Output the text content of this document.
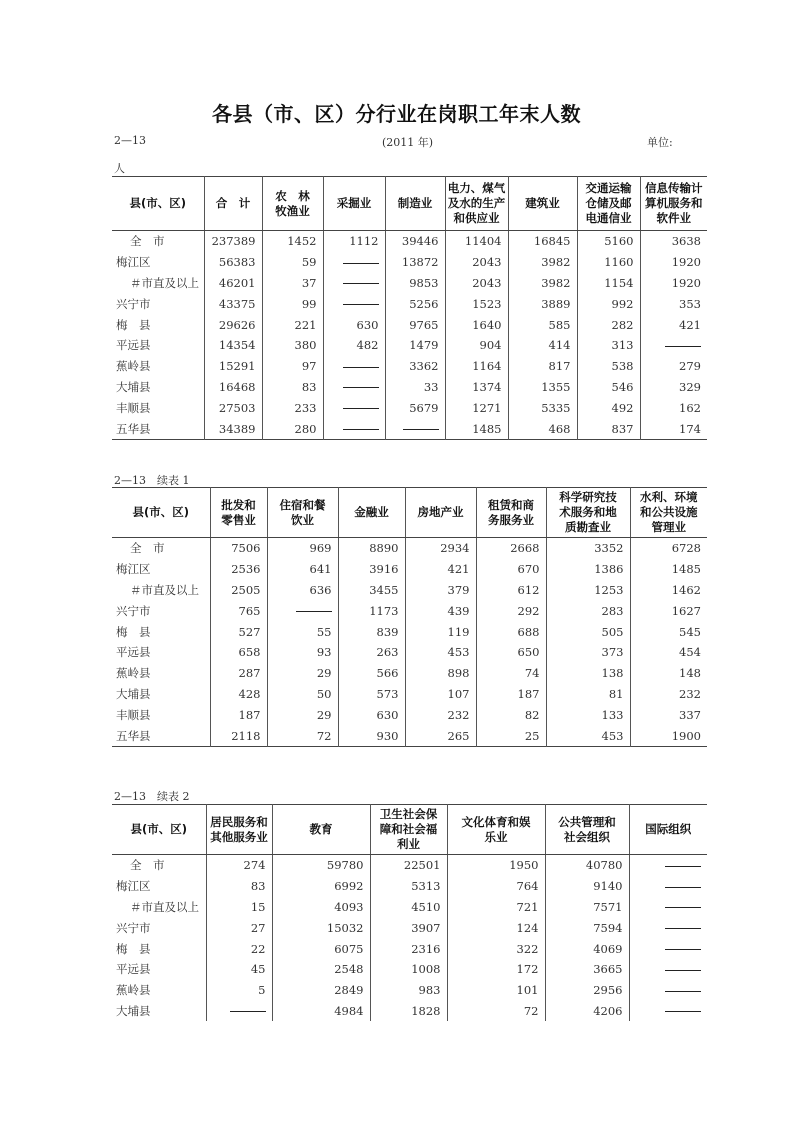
各县（市、区）分行业在岗职工年末人数
2—13	(2011 年)	单位:
人
县(市、区)	合　计	农　林
牧渔业	采掘业	制造业	电力、煤气
及水的生产
和供应业	建筑业	交通运输
仓储及邮
电通信业	信息传输计
算机服务和
软件业
全　市	237389	1452	1112	39446	11404	16845	5160	3638
梅江区	56383	59		13872	2043	3982	1160	1920
＃市直及以上	46201	37		9853	2043	3982	1154	1920
兴宁市	43375	99		5256	1523	3889	992	353
梅　县	29626	221	630	9765	1640	585	282	421
平远县	14354	380	482	1479	904	414	313	
蕉岭县	15291	97		3362	1164	817	538	279
大埔县	16468	83		33	1374	1355	546	329
丰顺县	27503	233		5679	1271	5335	492	162
五华县	34389	280			1485	468	837	174
2—13　续表 1
县(市、区)	批发和
零售业	住宿和餐
饮业	金融业	房地产业	租赁和商
务服务业	科学研究技
术服务和地
质勘查业	水利、环境
和公共设施
管理业
全　市	7506	969	8890	2934	2668	3352	6728
梅江区	2536	641	3916	421	670	1386	1485
＃市直及以上	2505	636	3455	379	612	1253	1462
兴宁市	765		1173	439	292	283	1627
梅　县	527	55	839	119	688	505	545
平远县	658	93	263	453	650	373	454
蕉岭县	287	29	566	898	74	138	148
大埔县	428	50	573	107	187	81	232
丰顺县	187	29	630	232	82	133	337
五华县	2118	72	930	265	25	453	1900
2—13　续表 2
县(市、区)	居民服务和
其他服务业	教育	卫生社会保
障和社会福
利业	文化体育和娱
乐业	公共管理和
社会组织	国际组织
全　市	274	59780	22501	1950	40780	
梅江区	83	6992	5313	764	9140	
＃市直及以上	15	4093	4510	721	7571	
兴宁市	27	15032	3907	124	7594	
梅　县	22	6075	2316	322	4069	
平远县	45	2548	1008	172	3665	
蕉岭县	5	2849	983	101	2956	
大埔县		4984	1828	72	4206	
